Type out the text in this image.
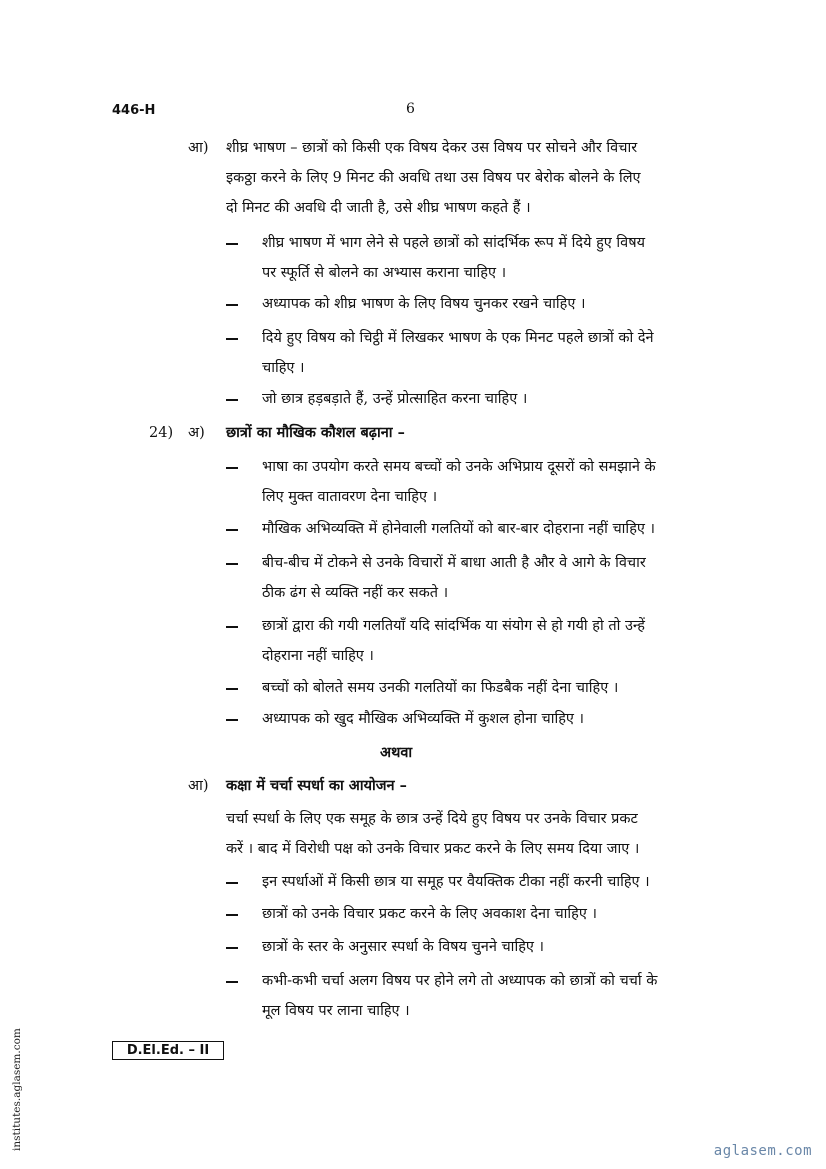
446-H	6
आ) शीघ्र भाषण – छात्रों को किसी एक विषय देकर उस विषय पर सोचने और विचार
इकठ्ठा करने के लिए 9 मिनट की अवधि तथा उस विषय पर बेरोक बोलने के लिए
दो मिनट की अवधि दी जाती है, उसे शीघ्र भाषण कहते हैं ।
शीघ्र भाषण में भाग लेने से पहले छात्रों को सांदर्भिक रूप में दिये हुए विषय
पर स्फूर्ति से बोलने का अभ्यास कराना चाहिए ।
अध्यापक को शीघ्र भाषण के लिए विषय चुनकर रखने चाहिए ।
दिये हुए विषय को चिट्ठी में लिखकर भाषण के एक मिनट पहले छात्रों को देने
चाहिए ।
जो छात्र हड़बड़ाते हैं, उन्हें प्रोत्साहित करना चाहिए ।
24) अ) छात्रों का मौखिक कौशल बढ़ाना –
भाषा का उपयोग करते समय बच्चों को उनके अभिप्राय दूसरों को समझाने के
लिए मुक्त वातावरण देना चाहिए ।
मौखिक अभिव्यक्ति में होनेवाली गलतियों को बार-बार दोहराना नहीं चाहिए ।
बीच-बीच में टोकने से उनके विचारों में बाधा आती है और वे आगे के विचार
ठीक ढंग से व्यक्ति नहीं कर सकते ।
छात्रों द्वारा की गयी गलतियाँ यदि सांदर्भिक या संयोग से हो गयी हो तो उन्हें
दोहराना नहीं चाहिए ।
बच्चों को बोलते समय उनकी गलतियों का फिडबैक नहीं देना चाहिए ।
अध्यापक को खुद मौखिक अभिव्यक्ति में कुशल होना चाहिए ।
अथवा
आ) कक्षा में चर्चा स्पर्धा का आयोजन –
चर्चा स्पर्धा के लिए एक समूह के छात्र उन्हें दिये हुए विषय पर उनके विचार प्रकट
करें । बाद में विरोधी पक्ष को उनके विचार प्रकट करने के लिए समय दिया जाए ।
इन स्पर्धाओं में किसी छात्र या समूह पर वैयक्तिक टीका नहीं करनी चाहिए ।
छात्रों को उनके विचार प्रकट करने के लिए अवकाश देना चाहिए ।
छात्रों के स्तर के अनुसार स्पर्धा के विषय चुनने चाहिए ।
कभी-कभी चर्चा अलग विषय पर होने लगे तो अध्यापक को छात्रों को चर्चा के
मूल विषय पर लाना चाहिए ।
D.El.Ed. – II
institutes.aglasem.com	aglasem.com
